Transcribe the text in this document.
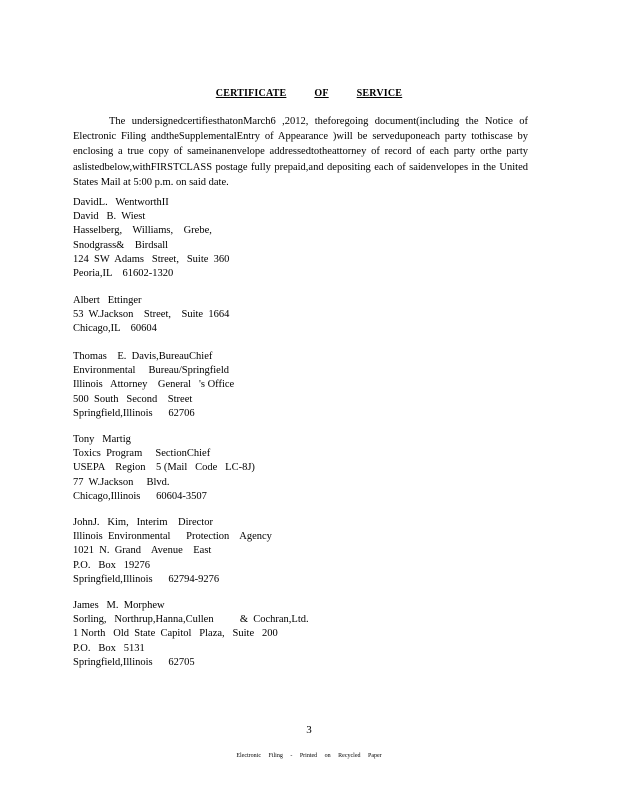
CERTIFICATE	OF	SERVICE
The undersignedcertifiesthatonMarch6 ,2012, theforegoing document(including the Notice of Electronic Filing andtheSupplementalEntry of Appearance )will be serveduponeach party tothiscase by enclosing a true copy of sameinanenvelope addressedtotheattorney of record of each party orthe party aslistedbelow,withFIRSTCLASS postage fully prepaid,and depositing each of saidenvelopes in the United States Mail at 5:00 p.m. on said date.
DavidL.   WentworthII
David   B.  Wiest
Hasselberg,    Williams,    Grebe,
Snodgrass&    Birdsall
124  SW  Adams   Street,   Suite  360
Peoria,IL    61602-1320
Albert   Ettinger
53  W.Jackson    Street,    Suite  1664
Chicago,IL    60604
Thomas    E.  Davis,BureauChief
Environmental     Bureau/Springfield
Illinois   Attorney    General   's Office
500  South   Second    Street
Springfield,Illinois      62706
Tony   Martig
Toxics  Program     SectionChief
USEPA    Region    5 (Mail   Code   LC-8J)
77  W.Jackson     Blvd.
Chicago,Illinois      60604-3507
JohnJ.   Kim,   Interim    Director
Illinois  Environmental      Protection    Agency
1021  N.  Grand    Avenue    East
P.O.   Box   19276
Springfield,Illinois      62794-9276
James   M.  Morphew
Sorling,   Northrup,Hanna,Cullen          &  Cochran,Ltd.
1 North   Old  State  Capitol   Plaza,   Suite   200
P.O.   Box   5131
Springfield,Illinois      62705
3
Electronic Filing - Printed on Recycled Paper
